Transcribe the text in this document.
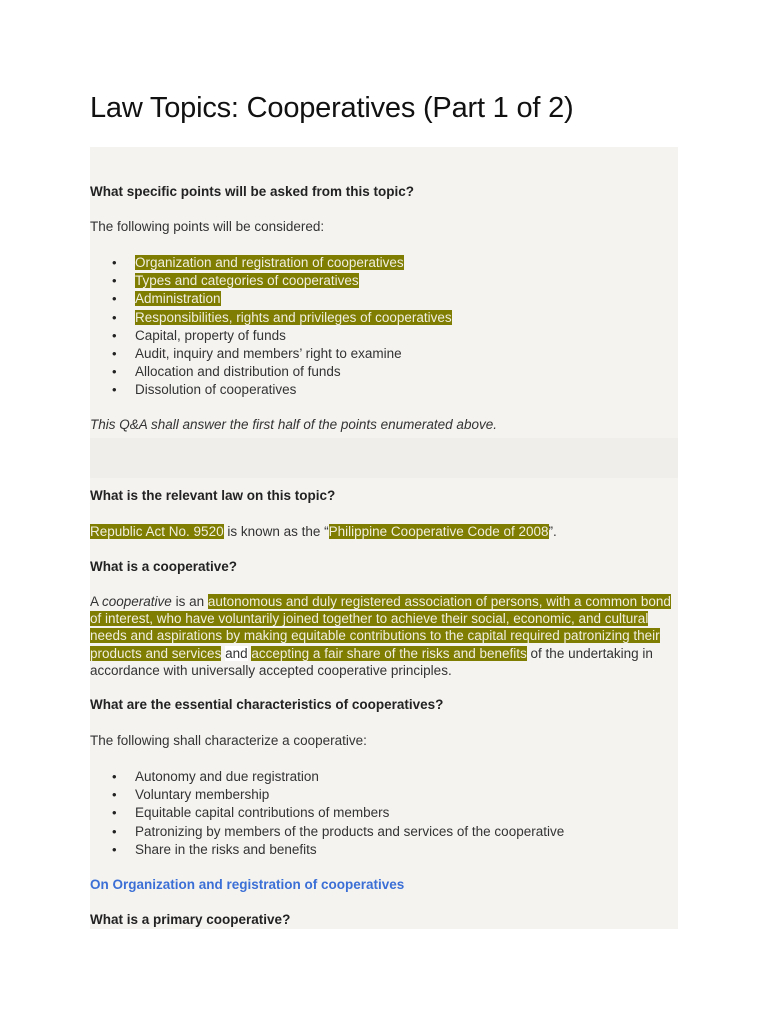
Law Topics: Cooperatives (Part 1 of 2)
What specific points will be asked from this topic?
The following points will be considered:
• Organization and registration of cooperatives
• Types and categories of cooperatives
• Administration
• Responsibilities, rights and privileges of cooperatives
• Capital, property of funds
• Audit, inquiry and members’ right to examine
• Allocation and distribution of funds
• Dissolution of cooperatives
This Q&A shall answer the first half of the points enumerated above.
What is the relevant law on this topic?
Republic Act No. 9520 is known as the “Philippine Cooperative Code of 2008”.
What is a cooperative?
A cooperative is an autonomous and duly registered association of persons, with a common bond of interest, who have voluntarily joined together to achieve their social, economic, and cultural needs and aspirations by making equitable contributions to the capital required patronizing their products and services and accepting a fair share of the risks and benefits of the undertaking in accordance with universally accepted cooperative principles.
What are the essential characteristics of cooperatives?
The following shall characterize a cooperative:
• Autonomy and due registration
• Voluntary membership
• Equitable capital contributions of members
• Patronizing by members of the products and services of the cooperative
• Share in the risks and benefits
On Organization and registration of cooperatives
What is a primary cooperative?
